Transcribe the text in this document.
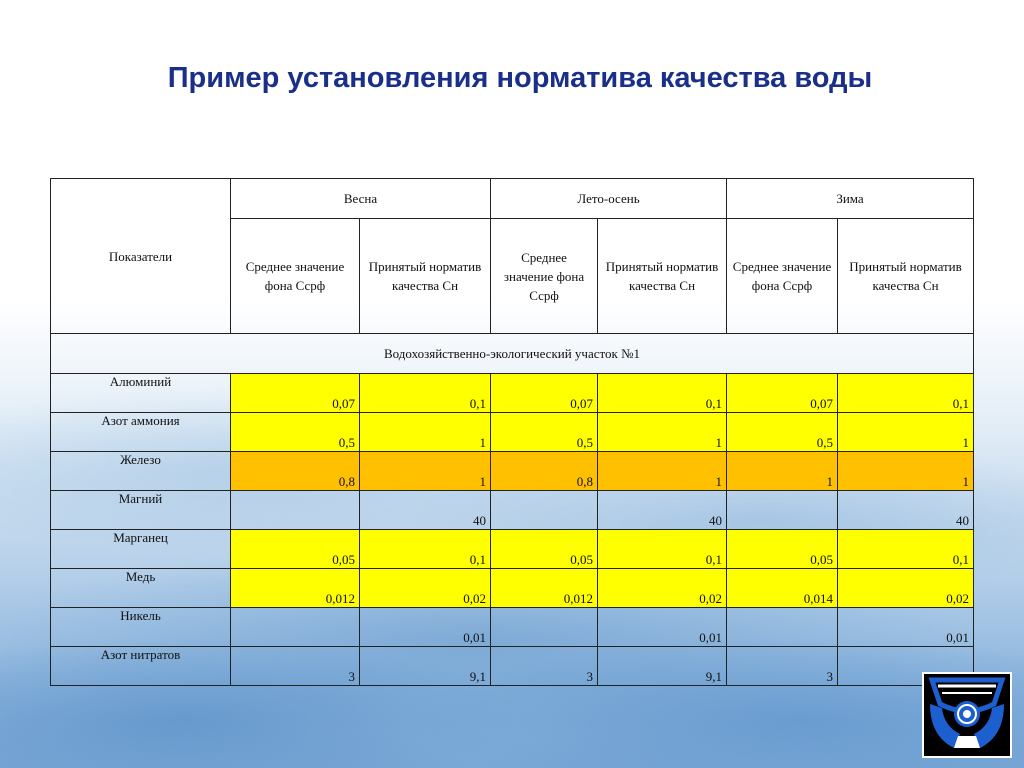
Пример установления норматива качества воды
Показатели	Весна		Лето-осень		Зима	
	Среднее значение фона Ссрф	Принятый норматив качества Сн	Среднее значение фона Ссрф	Принятый норматив качества Сн	Среднее значение фона Ссрф	Принятый норматив качества Сн
Водохозяйственно-экологический участок №1						
Алюминий	0,07	0,1	0,07	0,1	0,07	0,1
Азот аммония	0,5	1	0,5	1	0,5	1
Железо	0,8	1	0,8	1	1	1
Магний		40		40		40
Марганец	0,05	0,1	0,05	0,1	0,05	0,1
Медь	0,012	0,02	0,012	0,02	0,014	0,02
Никель		0,01		0,01		0,01
Азот нитратов	3	9,1	3	9,1	3	
